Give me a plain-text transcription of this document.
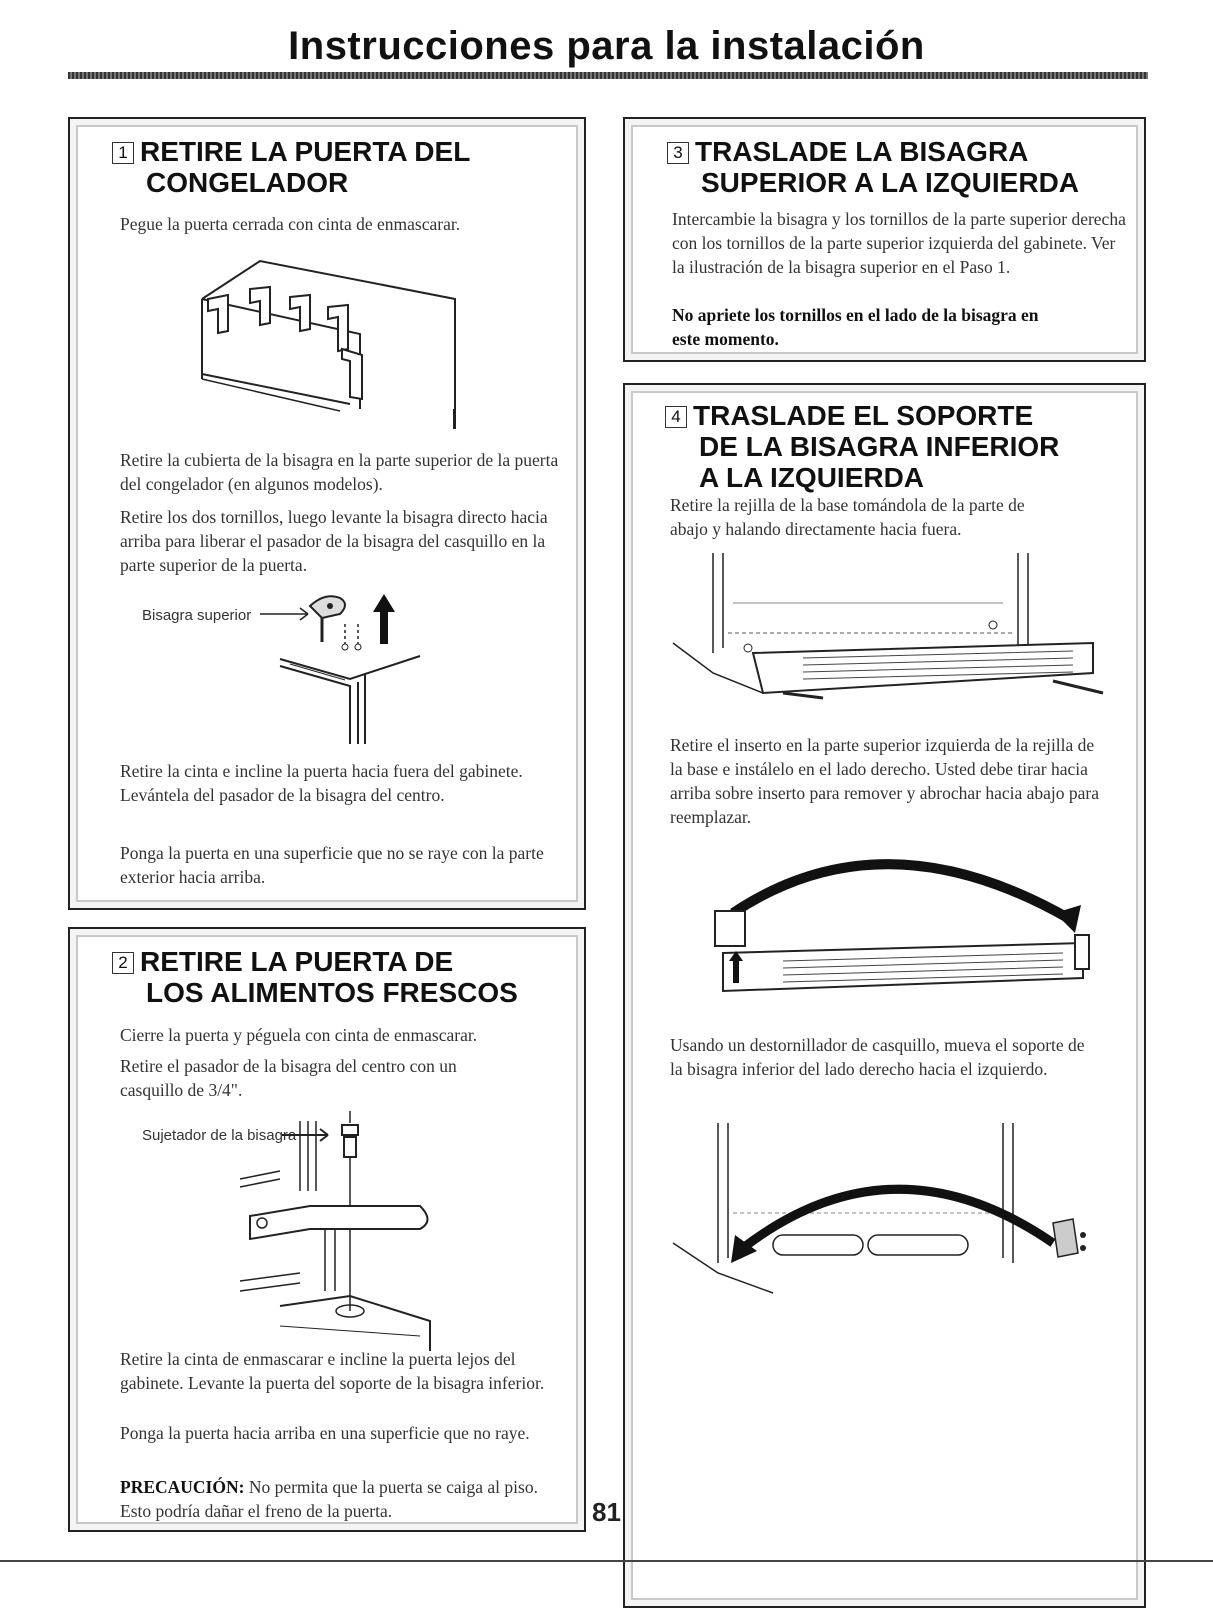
Instrucciones para la instalación
1 RETIRE LA PUERTA DEL
CONGELADOR
Pegue la puerta cerrada con cinta de enmascarar.
Retire la cubierta de la bisagra en la parte superior de la puerta del congelador (en algunos modelos).
Retire los dos tornillos, luego levante la bisagra directo hacia arriba para liberar el pasador de la bisagra del casquillo en la parte superior de la puerta.
Bisagra superior
Retire la cinta e incline la puerta hacia fuera del gabinete. Levántela del pasador de la bisagra del centro.
Ponga la puerta en una superficie que no se raye con la parte exterior hacia arriba.
2 RETIRE LA PUERTA DE
LOS ALIMENTOS FRESCOS
Cierre la puerta y péguela con cinta de enmascarar.
Retire el pasador de la bisagra del centro con un casquillo de 3/4".
Sujetador de la bisagra
Retire la cinta de enmascarar e incline la puerta lejos del gabinete. Levante la puerta del soporte de la bisagra inferior.
Ponga la puerta hacia arriba en una superficie que no raye.
PRECAUCIÓN: No permita que la puerta se caiga al piso. Esto podría dañar el freno de la puerta.	81
3 TRASLADE LA BISAGRA
SUPERIOR A LA IZQUIERDA
Intercambie la bisagra y los tornillos de la parte superior derecha con los tornillos de la parte superior izquierda del gabinete. Ver la ilustración de la bisagra superior en el Paso 1.
No apriete los tornillos en el lado de la bisagra en este momento.
4 TRASLADE EL SOPORTE
DE LA BISAGRA INFERIOR
A LA IZQUIERDA
Retire la rejilla de la base tomándola de la parte de abajo y halando directamente hacia fuera.
Retire el inserto en la parte superior izquierda de la rejilla de la base e instálelo en el lado derecho. Usted debe tirar hacia arriba sobre inserto para remover y abrochar hacia abajo para reemplazar.
Usando un destornillador de casquillo, mueva el soporte de la bisagra inferior del lado derecho hacia el izquierdo.
